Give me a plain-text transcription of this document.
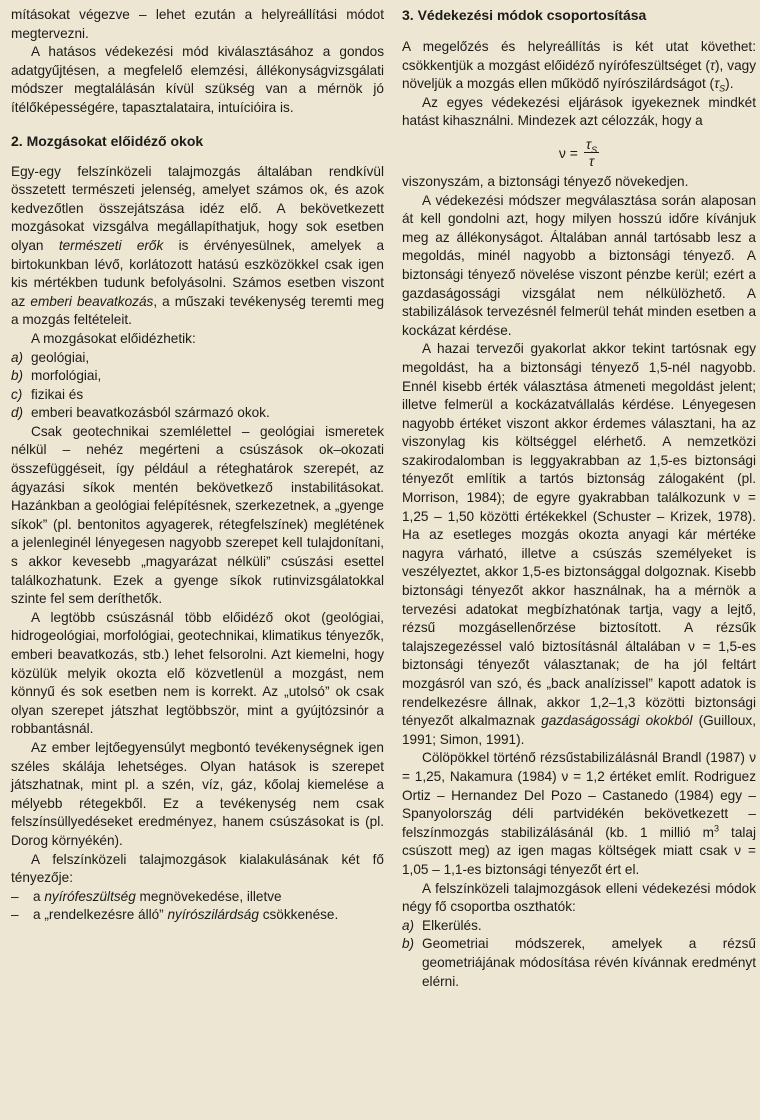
mításokat végezve – lehet ezután a helyreállítási módot megtervezni.

A hatásos védekezési mód kiválasztásához a gondos adatgyűjtésen, a megfelelő elemzési, állékonyságvizsgálati módszer megtalálásán kívül szükség van a mérnök jó ítélőképességére, tapasztalataira, intuícióira is.

2. Mozgásokat előidéző okok

Egy-egy felszínközeli talajmozgás általában rendkívül összetett természeti jelenség, amelyet számos ok, és azok kedvezőtlen összejátszása idéz elő. A bekövetkezett mozgásokat vizsgálva megállapíthatjuk, hogy sok esetben olyan természeti erők is érvényesülnek, amelyek a birtokunkban lévő, korlátozott hatású eszközökkel csak igen kis mértékben tudunk befolyásolni. Számos esetben viszont az emberi beavatkozás, a műszaki tevékenység teremti meg a mozgás feltételeit.

A mozgásokat előidézhetik:

a) geológiai,
b) morfológiai,
c) fizikai és
d) emberi beavatkozásból származó okok.

Csak geotechnikai szemlélettel – geológiai ismeretek nélkül – nehéz megérteni a csúszások ok–okozati összefüggéseit, így például a réteghatárok szerepét, az ágyazási síkok mentén bekövetkező instabilitásokat. Hazánkban a geológiai felépítésnek, szerkezetnek, a „gyenge síkok” (pl. bentonitos agyagerek, rétegfelszínek) meglétének a jelenleginél lényegesen nagyobb szerepet kell tulajdonítani, s akkor kevesebb „magyarázat nélküli” csúszási esettel találkozhatunk. Ezek a gyenge síkok rutinvizsgálatokkal szinte fel sem deríthetők.

A legtöbb csúszásnál több előidéző okot (geológiai, hidrogeológiai, morfológiai, geotechnikai, klimatikus tényezők, emberi beavatkozás, stb.) lehet felsorolni. Azt kiemelni, hogy közülük melyik okozta elő közvetlenül a mozgást, nem könnyű és sok esetben nem is korrekt. Az „utolsó” ok csak olyan szerepet játszhat legtöbbször, mint a gyújtózsinór a robbantásnál.

Az ember lejtőegyensúlyt megbontó tevékenységnek igen széles skálája lehetséges. Olyan hatások is szerepet játszhatnak, mint pl. a szén, víz, gáz, kőolaj kiemelése a mélyebb rétegekből. Ez a tevékenység nem csak felszínsüllyedéseket eredményez, hanem csúszásokat is (pl. Dorog környékén).

A felszínközeli talajmozgások kialakulásának két fő tényezője:

–	a nyírófeszültség megnövekedése, illetve
–	a „rendelkezésre álló” nyírószilárdság csökkenése.
3. Védekezési módok csoportosítása

A megelőzés és helyreállítás is két utat követhet: csökkentjük a mozgást előidéző nyírófeszültséget (τ), vagy növeljük a mozgás ellen működő nyírószilárdságot $(\tau_S)$.

Az egyes védekezési eljárások igyekeznek mindkét hatást kihasználni. Mindezek azt célozzák, hogy a

$\nu = \frac{\tau_S}{\tau}$

viszonyszám, a biztonsági tényező növekedjen.

A védekezési módszer megválasztása során alaposan át kell gondolni azt, hogy milyen hosszú időre kívánjuk meg az állékonyságot. Általában annál tartósabb lesz a megoldás, minél nagyobb a biztonsági tényező. A biztonsági tényező növelése viszont pénzbe kerül; ezért a gazdaságossági vizsgálat nem nélkülözhető. A stabilizálások tervezésnél felmerül tehát minden esetben a kockázat kérdése.

A hazai tervezői gyakorlat akkor tekint tartósnak egy megoldást, ha a biztonsági tényező 1,5-nél nagyobb. Ennél kisebb érték választása átmeneti megoldást jelent; illetve felmerül a kockázatvállalás kérdése. Lényegesen nagyobb értéket viszont akkor érdemes választani, ha az viszonylag kis költséggel elérhető. A nemzetközi szakirodalomban is leggyakrabban az 1,5-es biztonsági tényezőt említik a tartós biztonság zálogaként (pl. Morrison, 1984); de egyre gyakrabban találkozunk ν = 1,25 – 1,50 közötti értékekkel (Schuster – Krizek, 1978). Ha az esetleges mozgás okozta anyagi kár mértéke nagyra várható, illetve a csúszás személyeket is veszélyeztet, akkor 1,5-es biztonsággal dolgoznak. Kisebb biztonsági tényezőt akkor használnak, ha a mérnök a tervezési adatokat megbízhatónak tartja, vagy a lejtő, rézsű mozgásellenőrzése biztosított. A rézsűk talajszegezéssel való biztosításnál általában ν = 1,5-es biztonsági tényezőt választanak; de ha jól feltárt mozgásról van szó, és „back analízissel” kapott adatok is rendelkezésre állnak, akkor 1,2–1,3 közötti biztonsági tényezőt alkalmaznak gazdaságossági okokból (Guilloux, 1991; Simon, 1991).

Cölöpökkel történő rézsűstabilizálásnál Brandl (1987) ν = 1,25, Nakamura (1984) ν = 1,2 értéket említ. Rodriguez Ortiz – Hernandez Del Pozo – Castanedo (1984) egy – Spanyolország déli partvidékén bekövetkezett – felszínmozgás stabilizálásánál (kb. 1 millió $m^3$ talaj csúszott meg) az igen magas költségek miatt csak ν = 1,05 – 1,1-es biztonsági tényezőt ért el.

A felszínközeli talajmozgások elleni védekezési módok négy fő csoportba oszthatók:

a) Elkerülés.
b) Geometriai módszerek, amelyek a rézsű geometriájának módosítása révén kívánnak eredményt elérni.
